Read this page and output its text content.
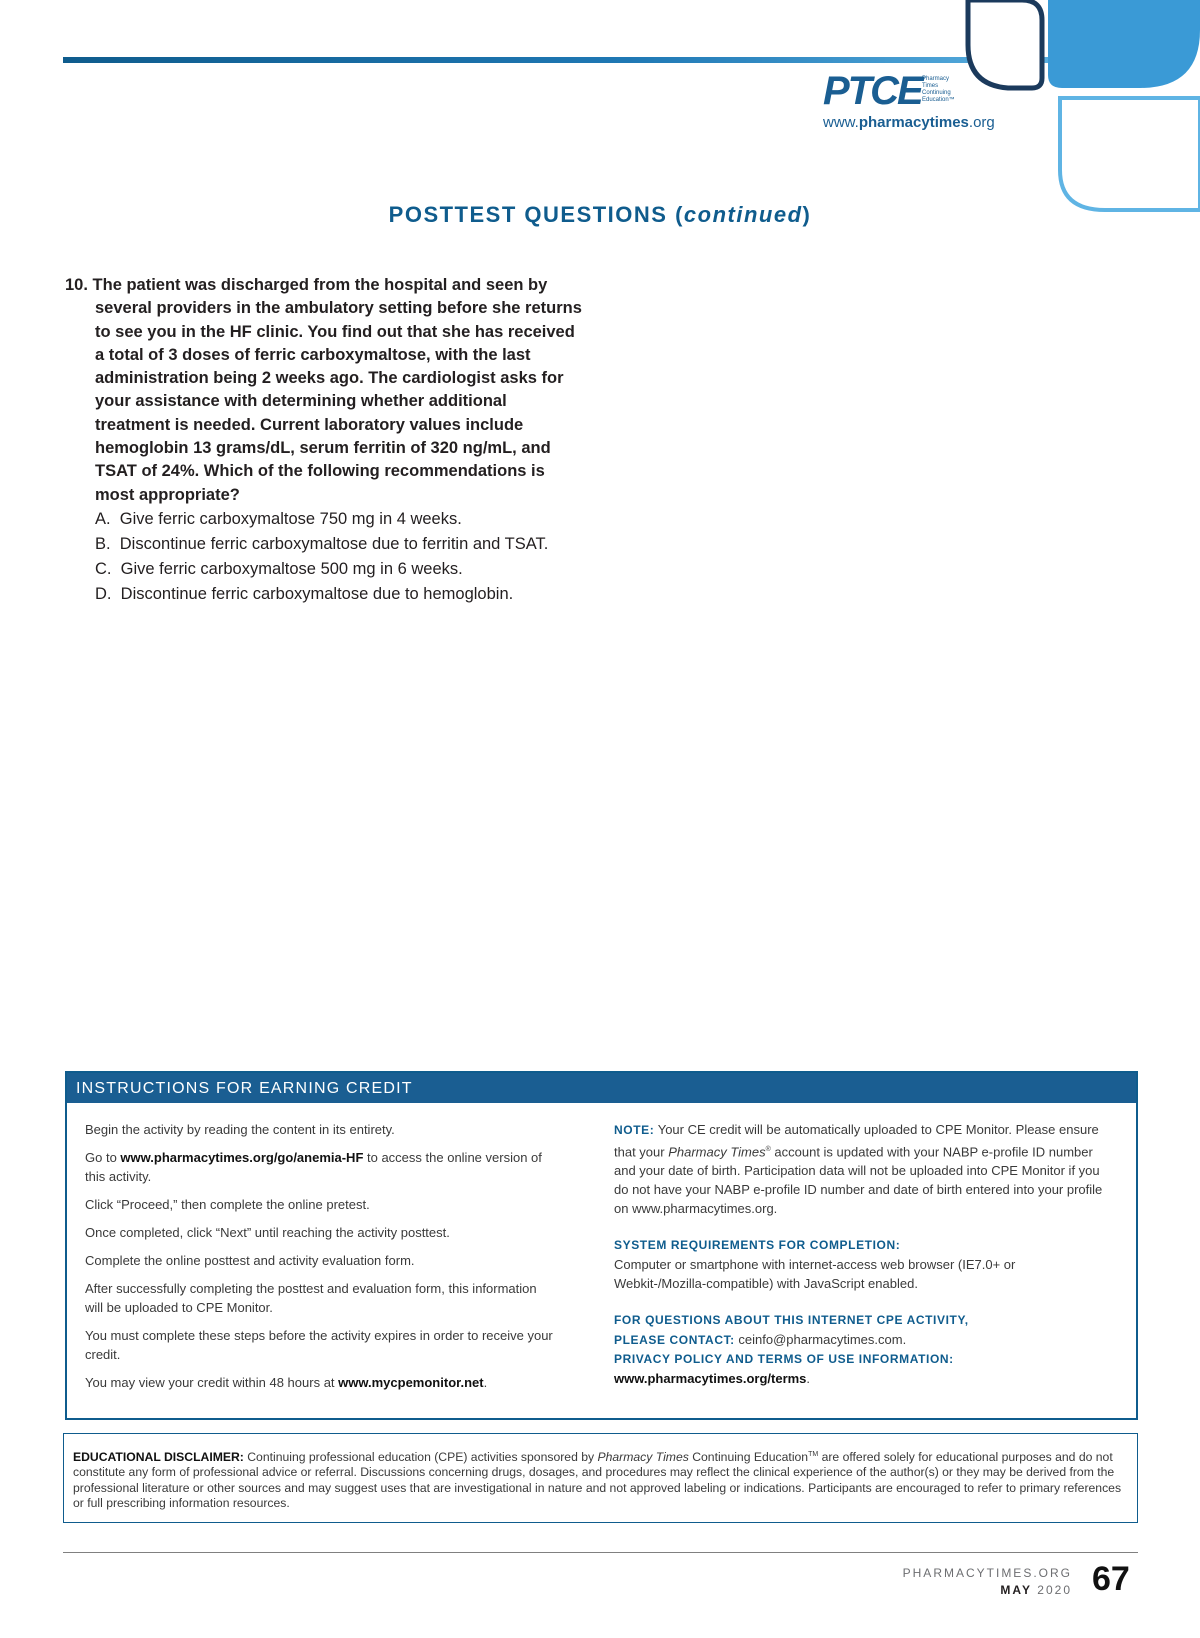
PTCE Pharmacy
Times
Continuing
Education™
www.pharmacytimes.org
POSTTEST QUESTIONS (continued)
10. The patient was discharged from the hospital and seen by several providers in the ambulatory setting before she returns to see you in the HF clinic. You find out that she has received a total of 3 doses of ferric carboxymaltose, with the last administration being 2 weeks ago. The cardiologist asks for your assistance with determining whether additional treatment is needed. Current laboratory values include hemoglobin 13 grams/dL, serum ferritin of 320 ng/mL, and TSAT of 24%. Which of the following recommendations is most appropriate?
A. Give ferric carboxymaltose 750 mg in 4 weeks.
B. Discontinue ferric carboxymaltose due to ferritin and TSAT.
C. Give ferric carboxymaltose 500 mg in 6 weeks.
D. Discontinue ferric carboxymaltose due to hemoglobin.
INSTRUCTIONS FOR EARNING CREDIT
Begin the activity by reading the content in its entirety.
Go to www.pharmacytimes.org/go/anemia-HF to access the online version of this activity.
Click “Proceed,” then complete the online pretest.
Once completed, click “Next” until reaching the activity posttest.
Complete the online posttest and activity evaluation form.
After successfully completing the posttest and evaluation form, this information will be uploaded to CPE Monitor.
You must complete these steps before the activity expires in order to receive your credit.
You may view your credit within 48 hours at www.mycpemonitor.net.
NOTE: Your CE credit will be automatically uploaded to CPE Monitor. Please ensure that your Pharmacy Times® account is updated with your NABP e-profile ID number and your date of birth. Participation data will not be uploaded into CPE Monitor if you do not have your NABP e-profile ID number and date of birth entered into your profile on www.pharmacytimes.org.
SYSTEM REQUIREMENTS FOR COMPLETION:
Computer or smartphone with internet-access web browser (IE7.0+ or Webkit-/Mozilla-compatible) with JavaScript enabled.
FOR QUESTIONS ABOUT THIS INTERNET CPE ACTIVITY,
PLEASE CONTACT: ceinfo@pharmacytimes.com.
PRIVACY POLICY AND TERMS OF USE INFORMATION:
www.pharmacytimes.org/terms.
EDUCATIONAL DISCLAIMER: Continuing professional education (CPE) activities sponsored by Pharmacy Times Continuing Education™ are offered solely for educational purposes and do not constitute any form of professional advice or referral. Discussions concerning drugs, dosages, and procedures may reflect the clinical experience of the author(s) or they may be derived from the professional literature or other sources and may suggest uses that are investigational in nature and not approved labeling or indications. Participants are encouraged to refer to primary references or full prescribing information resources.
PHARMACYTIMES.ORG
MAY 2020 67
